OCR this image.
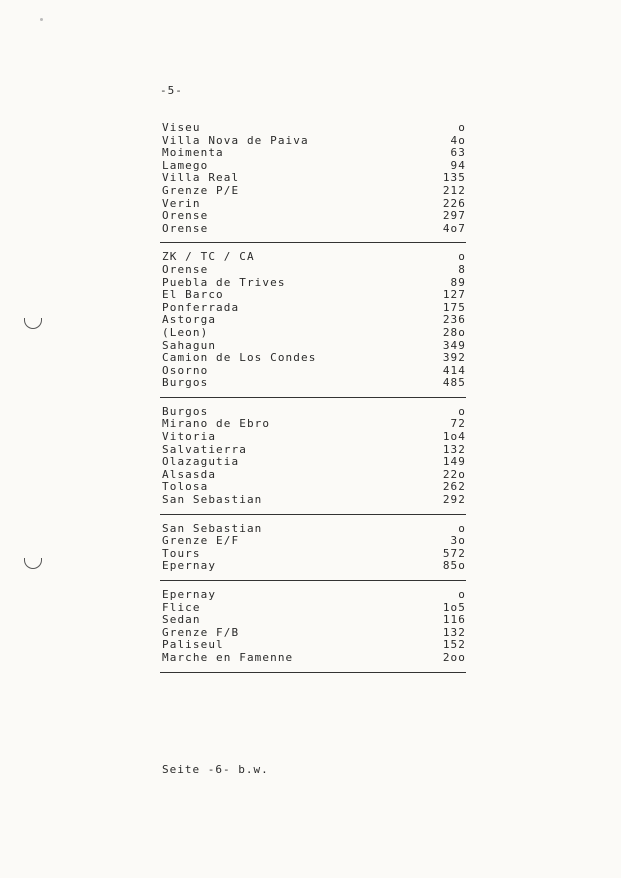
-5-
Viseu	o
Villa Nova de Paiva	4o
Moimenta	63
Lamego	94
Villa Real	135
Grenze P/E	212
Verin	226
Orense	297
Orense	4o7
ZK / TC / CA	o
Orense	8
Puebla de Trives	89
El Barco	127
Ponferrada	175
Astorga	236
(Leon)	28o
Sahagun	349
Camion de Los Condes	392
Osorno	414
Burgos	485
Burgos	o
Mirano de Ebro	72
Vitoria	1o4
Salvatierra	132
Olazagutia	149
Alsasda	22o
Tolosa	262
San Sebastian	292
San Sebastian	o
Grenze E/F	3o
Tours	572
Epernay	85o
Epernay	o
Flice	1o5
Sedan	116
Grenze F/B	132
Paliseul	152
Marche en Famenne	2oo
Seite -6- b.w.
